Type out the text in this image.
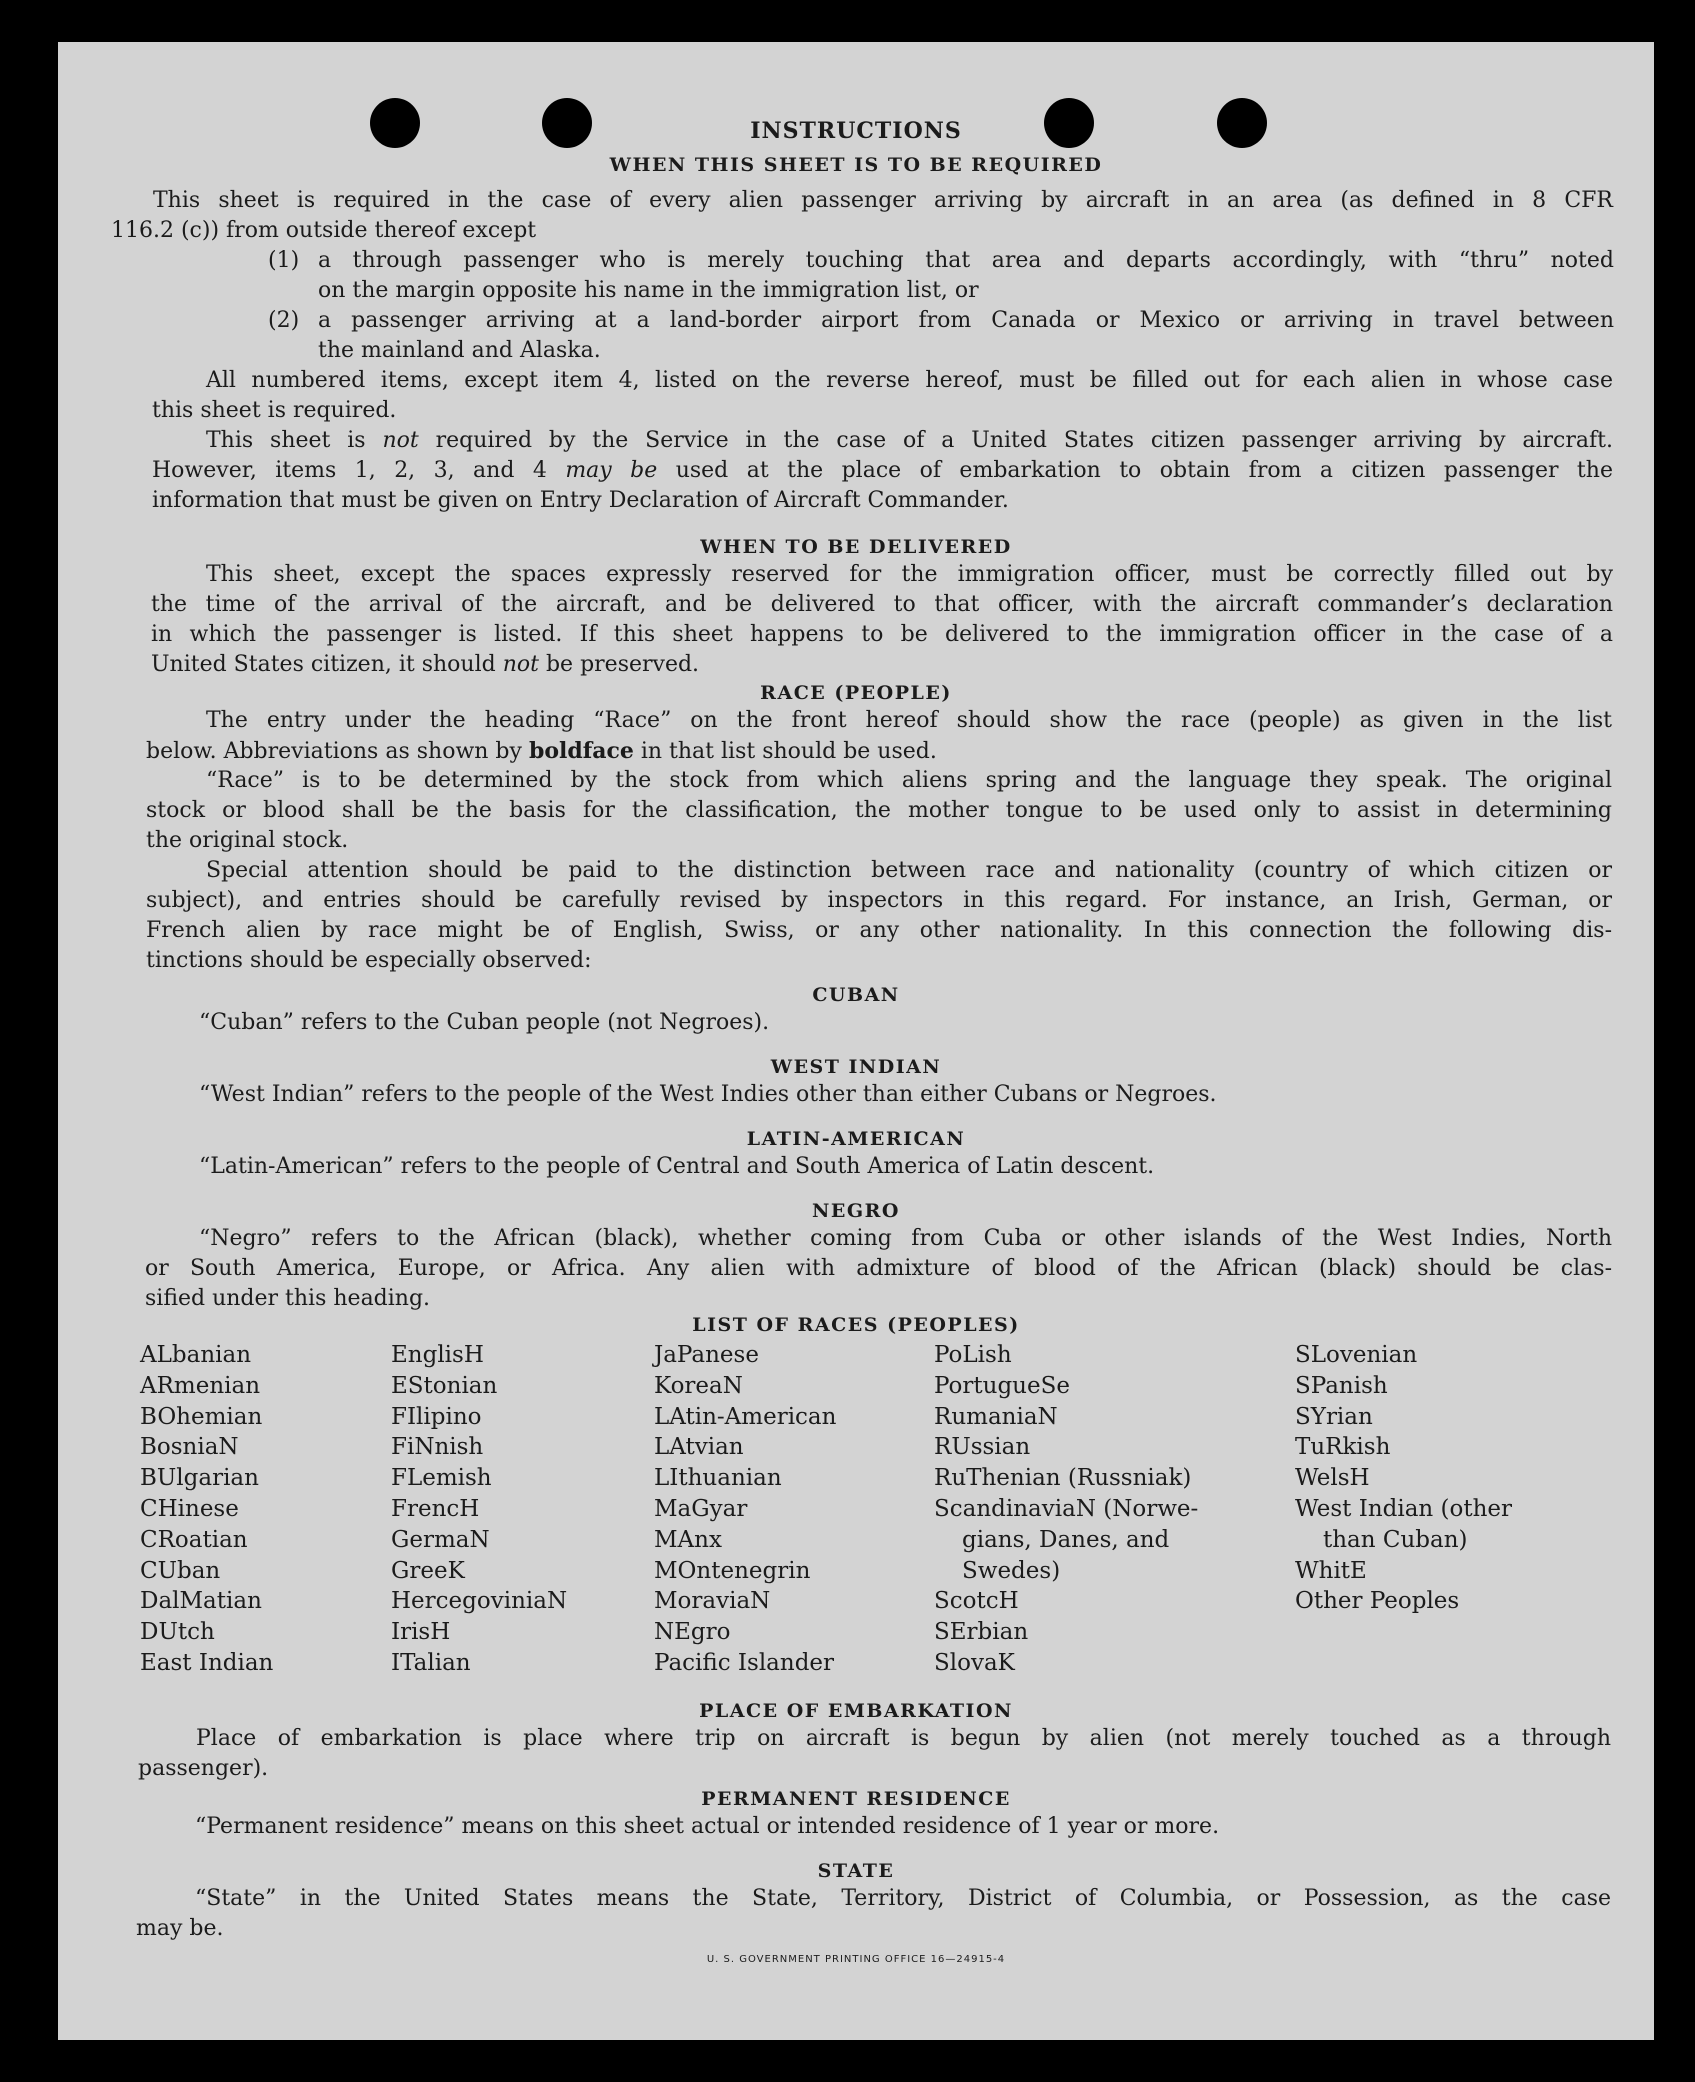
INSTRUCTIONS
WHEN THIS SHEET IS TO BE REQUIRED
This sheet is required in the case of every alien passenger arriving by aircraft in an area (as defined in 8 CFR
116.2 (c)) from outside thereof except
(1) a through passenger who is merely touching that area and departs accordingly, with “thru” noted
on the margin opposite his name in the immigration list, or
(2) a passenger arriving at a land-border airport from Canada or Mexico or arriving in travel between
the mainland and Alaska.
All numbered items, except item 4, listed on the reverse hereof, must be filled out for each alien in whose case
this sheet is required.
This sheet is not required by the Service in the case of a United States citizen passenger arriving by aircraft.
However, items 1, 2, 3, and 4 may be used at the place of embarkation to obtain from a citizen passenger the
information that must be given on Entry Declaration of Aircraft Commander.
WHEN TO BE DELIVERED
This sheet, except the spaces expressly reserved for the immigration officer, must be correctly filled out by
the time of the arrival of the aircraft, and be delivered to that officer, with the aircraft commander’s declaration
in which the passenger is listed. If this sheet happens to be delivered to the immigration officer in the case of a
United States citizen, it should not be preserved.
RACE (PEOPLE)
The entry under the heading “Race” on the front hereof should show the race (people) as given in the list
below. Abbreviations as shown by boldface in that list should be used.
“Race” is to be determined by the stock from which aliens spring and the language they speak. The original
stock or blood shall be the basis for the classification, the mother tongue to be used only to assist in determining
the original stock.
Special attention should be paid to the distinction between race and nationality (country of which citizen or
subject), and entries should be carefully revised by inspectors in this regard. For instance, an Irish, German, or
French alien by race might be of English, Swiss, or any other nationality. In this connection the following dis-
tinctions should be especially observed:
CUBAN
“Cuban” refers to the Cuban people (not Negroes).
WEST INDIAN
“West Indian” refers to the people of the West Indies other than either Cubans or Negroes.
LATIN-AMERICAN
“Latin-American” refers to the people of Central and South America of Latin descent.
NEGRO
“Negro” refers to the African (black), whether coming from Cuba or other islands of the West Indies, North
or South America, Europe, or Africa. Any alien with admixture of blood of the African (black) should be clas-
sified under this heading.
LIST OF RACES (PEOPLES)
ALbanian
ARmenian
BOhemian
BosniaN
BUlgarian
CHinese
CRoatian
CUban
DalMatian
DUtch
East Indian
EnglisH
EStonian
FIlipino
FiNnish
FLemish
FrencH
GermaN
GreeK
HercegoviniaN
IrisH
ITalian
JaPanese
KoreaN
LAtin-American
LAtvian
LIthuanian
MaGyar
MAnx
MOntenegrin
MoraviaN
NEgro
Pacific Islander
PoLish
PortugueSe
RumaniaN
RUssian
RuThenian (Russniak)
ScandinaviaN (Norwe-
gians, Danes, and
Swedes)
ScotcH
SErbian
SlovaK
SLovenian
SPanish
SYrian
TuRkish
WelsH
West Indian (other
than Cuban)
WhitE
Other Peoples
PLACE OF EMBARKATION
Place of embarkation is place where trip on aircraft is begun by alien (not merely touched as a through
passenger).
PERMANENT RESIDENCE
“Permanent residence” means on this sheet actual or intended residence of 1 year or more.
STATE
“State” in the United States means the State, Territory, District of Columbia, or Possession, as the case
may be.
U. S. GOVERNMENT PRINTING OFFICE 16—24915-4
